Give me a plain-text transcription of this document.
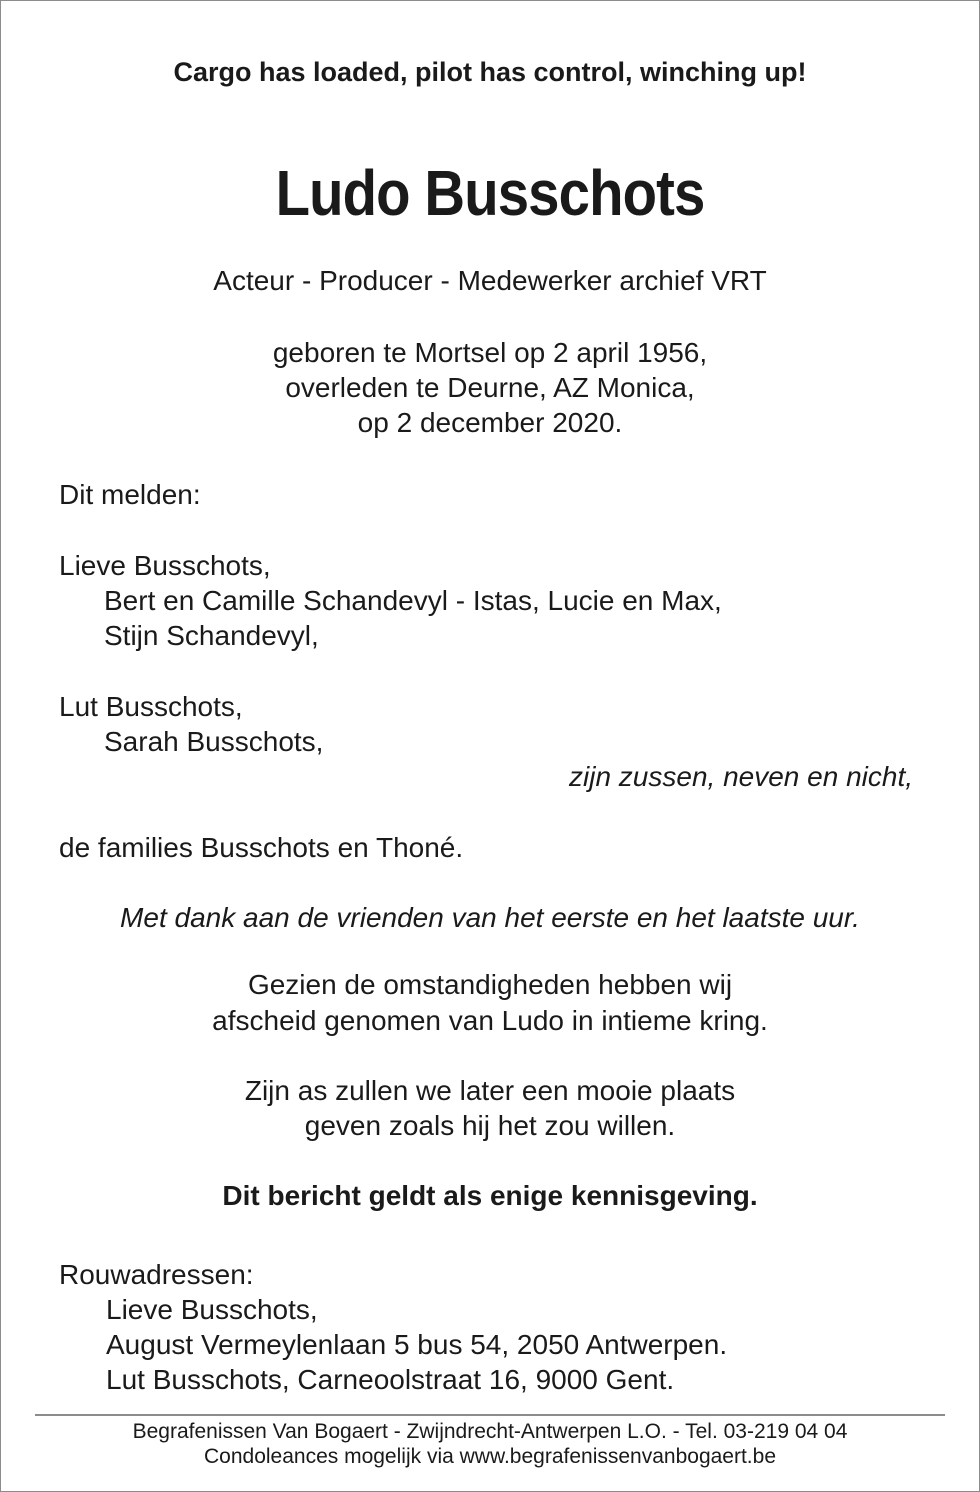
Cargo has loaded, pilot has control, winching up!
Ludo Busschots
Acteur - Producer - Medewerker archief VRT
geboren te Mortsel op 2 april 1956,
overleden te Deurne, AZ Monica,
op 2 december 2020.
Dit melden:
Lieve Busschots,
Bert en Camille Schandevyl - Istas, Lucie en Max,
Stijn Schandevyl,
Lut Busschots,
Sarah Busschots,
zijn zussen, neven en nicht,
de families Busschots en Thoné.
Met dank aan de vrienden van het eerste en het laatste uur.
Gezien de omstandigheden hebben wij
afscheid genomen van Ludo in intieme kring.
Zijn as zullen we later een mooie plaats
geven zoals hij het zou willen.
Dit bericht geldt als enige kennisgeving.
Rouwadressen:
Lieve Busschots,
August Vermeylenlaan 5 bus 54, 2050 Antwerpen.
Lut Busschots, Carneoolstraat 16, 9000 Gent.
Begrafenissen Van Bogaert - Zwijndrecht-Antwerpen L.O. - Tel. 03-219 04 04
Condoleances mogelijk via www.begrafenissenvanbogaert.be
